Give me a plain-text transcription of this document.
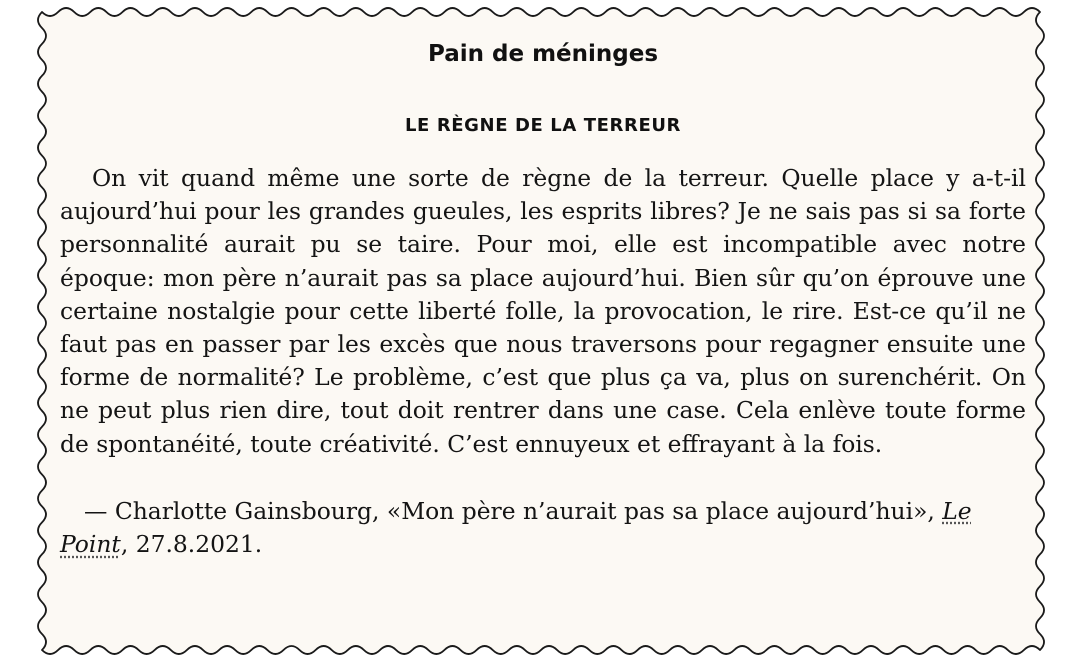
Pain de méninges
LE RÈGNE DE LA TERREUR

On vit quand même une sorte de règne de la terreur. Quelle place y a-t-il aujourd’hui pour les grandes gueules, les esprits libres? Je ne sais pas si sa forte personnalité aurait pu se taire. Pour moi, elle est incompatible avec notre époque: mon père n’aurait pas sa place aujourd’hui. Bien sûr qu’on éprouve une certaine nostalgie pour cette liberté folle, la provocation, le rire. Est-ce qu’il ne faut pas en passer par les excès que nous traversons pour regagner ensuite une forme de normalité? Le problème, c’est que plus ça va, plus on surenchérit. On ne peut plus rien dire, tout doit rentrer dans une case. Cela enlève toute forme de spontanéité, toute créativité. C’est ennuyeux et effrayant à la fois.

— Charlotte Gainsbourg, «Mon père n’aurait pas sa place aujourd’hui», Le Point, 27.8.2021.
